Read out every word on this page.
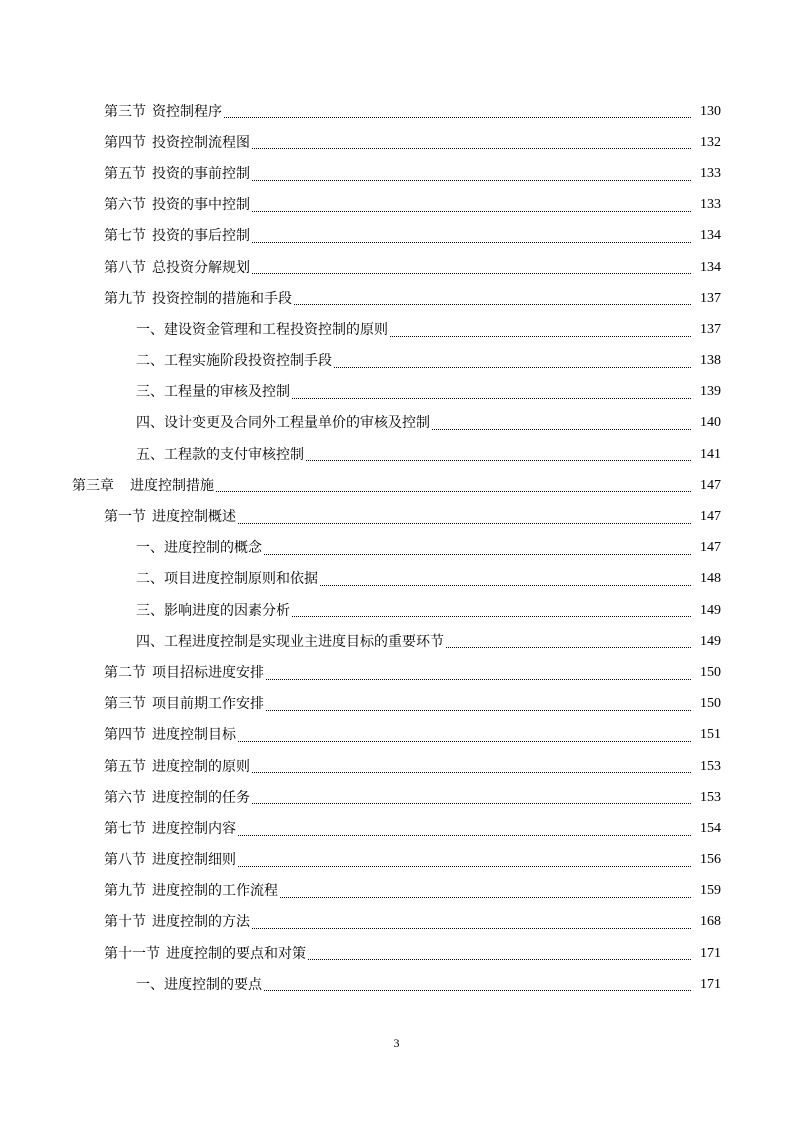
第三节 资控制程序	130
第四节 投资控制流程图	132
第五节 投资的事前控制	133
第六节 投资的事中控制	133
第七节 投资的事后控制	134
第八节 总投资分解规划	134
第九节 投资控制的措施和手段	137
一、建设资金管理和工程投资控制的原则	137
二、工程实施阶段投资控制手段	138
三、工程量的审核及控制	139
四、设计变更及合同外工程量单价的审核及控制	140
五、工程款的支付审核控制	141
第三章 进度控制措施	147
第一节 进度控制概述	147
一、进度控制的概念	147
二、项目进度控制原则和依据	148
三、影响进度的因素分析	149
四、工程进度控制是实现业主进度目标的重要环节	149
第二节 项目招标进度安排	150
第三节 项目前期工作安排	150
第四节 进度控制目标	151
第五节 进度控制的原则	153
第六节 进度控制的任务	153
第七节 进度控制内容	154
第八节 进度控制细则	156
第九节 进度控制的工作流程	159
第十节 进度控制的方法	168
第十一节 进度控制的要点和对策	171
一、进度控制的要点	171
3
